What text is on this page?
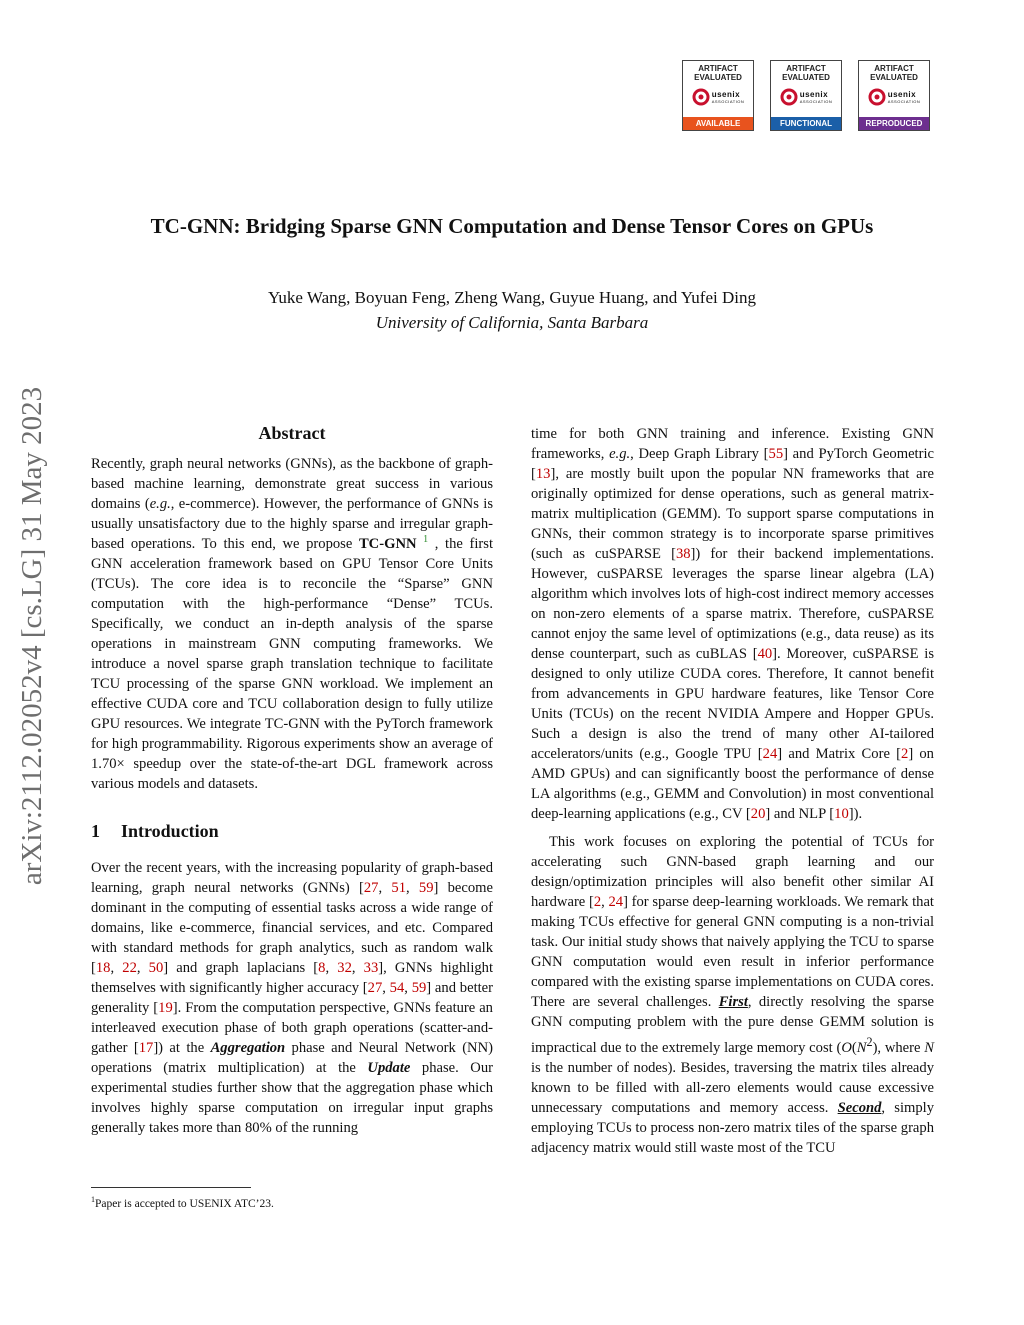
ARTIFACT
EVALUATED
usenix
ASSOCIATION
AVAILABLE
ARTIFACT
EVALUATED
usenix
ASSOCIATION
FUNCTIONAL
ARTIFACT
EVALUATED
usenix
ASSOCIATION
REPRODUCED
arXiv:2112.02052v4 [cs.LG] 31 May 2023
TC-GNN: Bridging Sparse GNN Computation and Dense Tensor Cores on GPUs
Yuke Wang, Boyuan Feng, Zheng Wang, Guyue Huang, and Yufei Ding
University of California, Santa Barbara

Abstract

Recently, graph neural networks (GNNs), as the backbone of graph-based machine learning, demonstrate great success in various domains (e.g., e-commerce). However, the performance of GNNs is usually unsatisfactory due to the highly sparse and irregular graph-based operations. To this end, we propose TC-GNN $^1$ , the first GNN acceleration framework based on GPU Tensor Core Units (TCUs). The core idea is to reconcile the “Sparse” GNN computation with the high-performance “Dense” TCUs. Specifically, we conduct an in-depth analysis of the sparse operations in mainstream GNN computing frameworks. We introduce a novel sparse graph translation technique to facilitate TCU processing of the sparse GNN workload. We implement an effective CUDA core and TCU collaboration design to fully utilize GPU resources. We integrate TC-GNN with the PyTorch framework for high programmability. Rigorous experiments show an average of 1.70× speedup over the state-of-the-art DGL framework across various models and datasets.

1 Introduction

Over the recent years, with the increasing popularity of graph-based learning, graph neural networks (GNNs) [27, 51, 59] become dominant in the computing of essential tasks across a wide range of domains, like e-commerce, financial services, and etc. Compared with standard methods for graph analytics, such as random walk [18, 22, 50] and graph laplacians [8, 32, 33], GNNs highlight themselves with significantly higher accuracy [27, 54, 59] and better generality [19]. From the computation perspective, GNNs feature an interleaved execution phase of both graph operations (scatter-and-gather [17]) at the Aggregation phase and Neural Network (NN) operations (matrix multiplication) at the Update phase. Our experimental studies further show that the aggregation phase which involves highly sparse computation on irregular input graphs generally takes more than 80% of the running

time for both GNN training and inference. Existing GNN frameworks, e.g., Deep Graph Library [55] and PyTorch Geometric [13], are mostly built upon the popular NN frameworks that are originally optimized for dense operations, such as general matrix-matrix multiplication (GEMM). To support sparse computations in GNNs, their common strategy is to incorporate sparse primitives (such as cuSPARSE [38]) for their backend implementations. However, cuSPARSE leverages the sparse linear algebra (LA) algorithm which involves lots of high-cost indirect memory accesses on non-zero elements of a sparse matrix. Therefore, cuSPARSE cannot enjoy the same level of optimizations (e.g., data reuse) as its dense counterpart, such as cuBLAS [40]. Moreover, cuSPARSE is designed to only utilize CUDA cores. Therefore, It cannot benefit from advancements in GPU hardware features, like Tensor Core Units (TCUs) on the recent NVIDIA Ampere and Hopper GPUs. Such a design is also the trend of many other AI-tailored accelerators/units (e.g., Google TPU [24] and Matrix Core [2] on AMD GPUs) and can significantly boost the performance of dense LA algorithms (e.g., GEMM and Convolution) in most conventional deep-learning applications (e.g., CV [20] and NLP [10]).

This work focuses on exploring the potential of TCUs for accelerating such GNN-based graph learning and our design/optimization principles will also benefit other similar AI hardware [2, 24] for sparse deep-learning workloads. We remark that making TCUs effective for general GNN computing is a non-trivial task. Our initial study shows that naively applying the TCU to sparse GNN computation would even result in inferior performance compared with the existing sparse implementations on CUDA cores. There are several challenges. First, directly resolving the sparse GNN computing problem with the pure dense GEMM solution is impractical due to the extremely large memory cost ($O(N^2)$, where N is the number of nodes). Besides, traversing the matrix tiles already known to be filled with all-zero elements would cause excessive unnecessary computations and memory access. Second, simply employing TCUs to process non-zero matrix tiles of the sparse graph adjacency matrix would still waste most of the TCU

$^1$Paper is accepted to USENIX ATC’23.
